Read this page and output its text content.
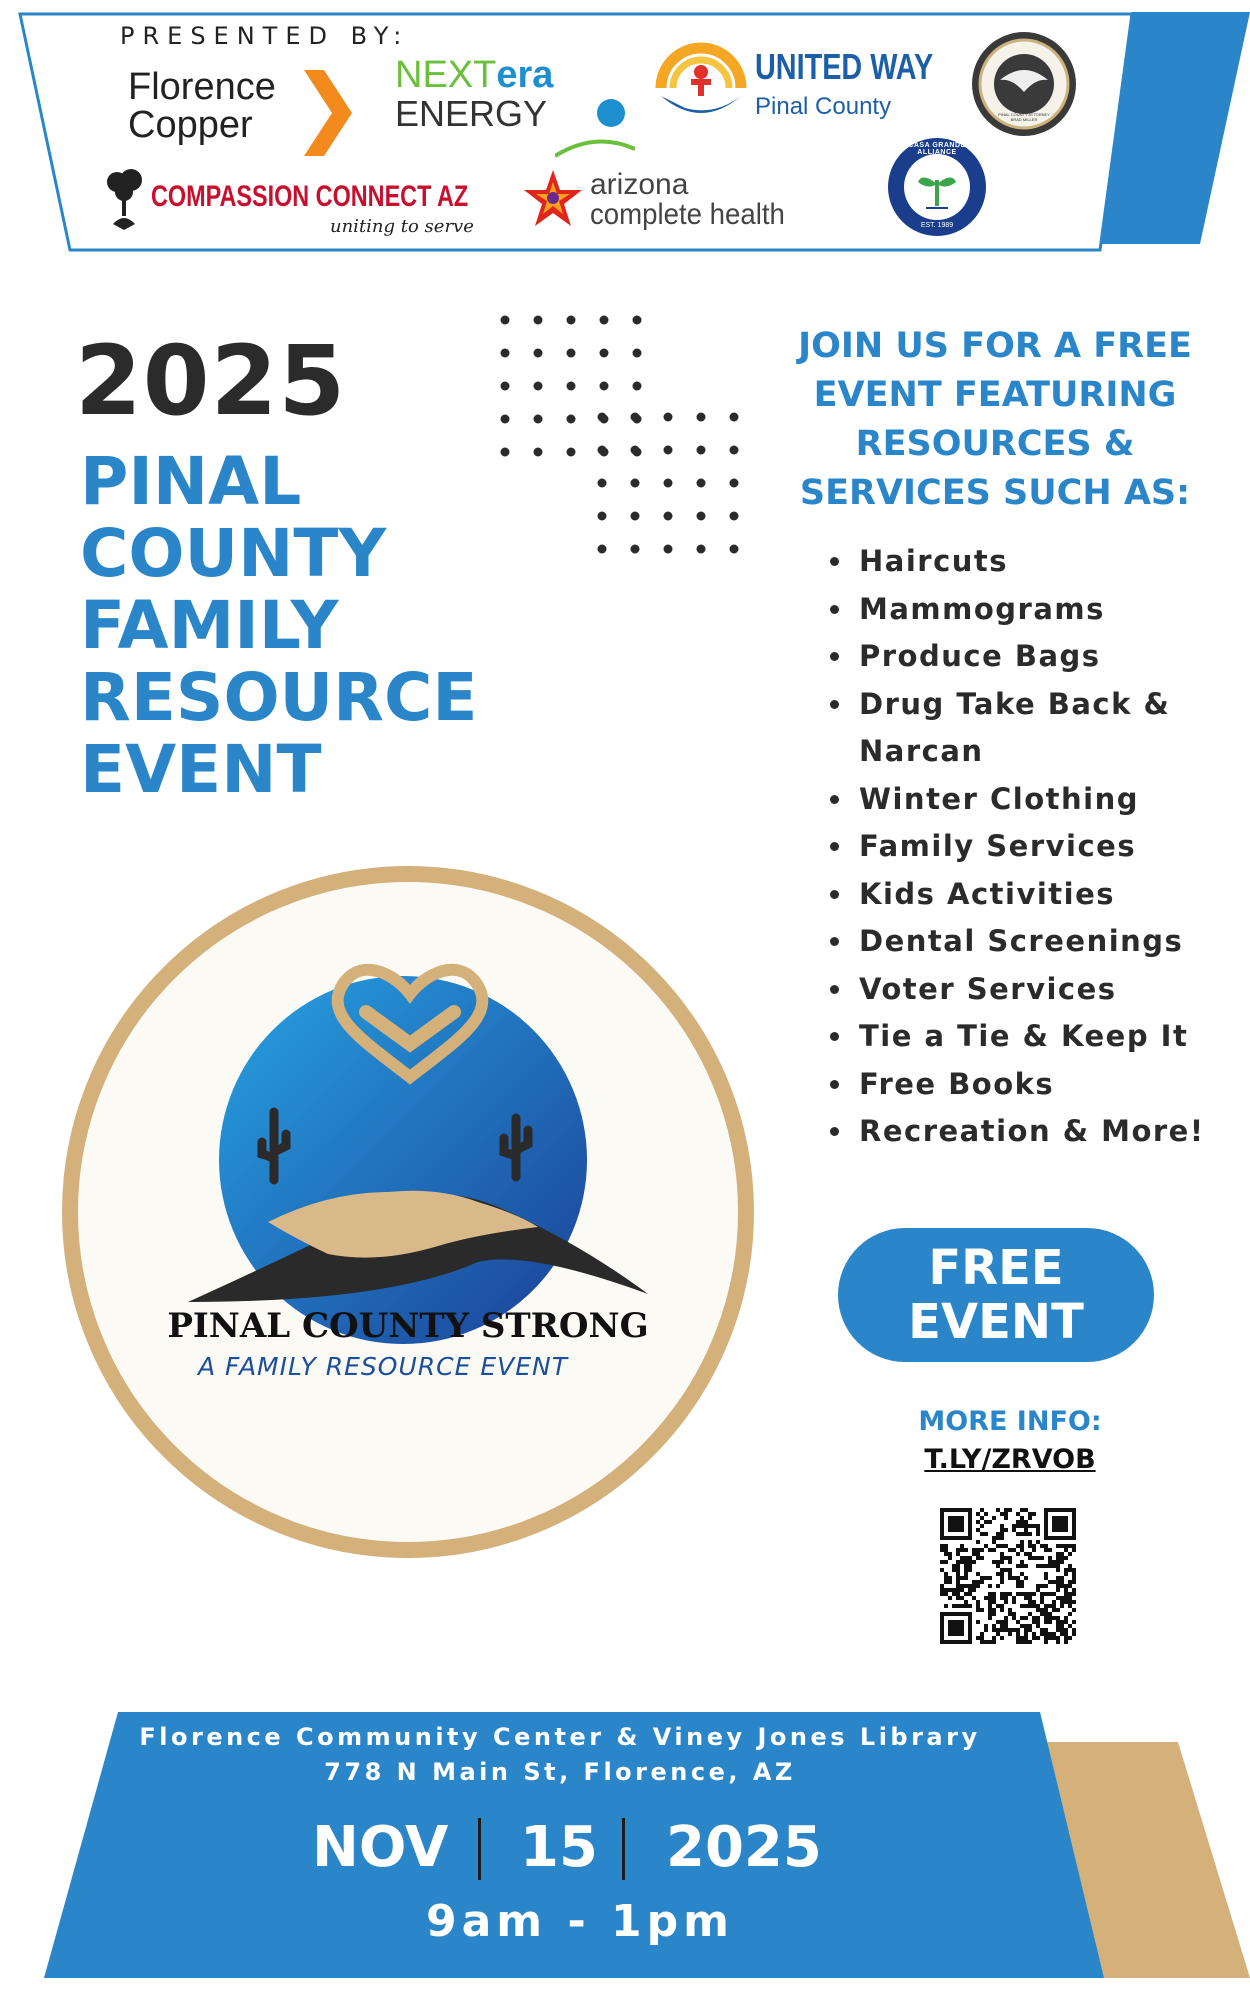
PRESENTED BY:
Florence
Copper
NEXTera
ENERGY
UNITED WAY
Pinal County	PINAL COUNTY ATTORNEY BRAD MILLER
COMPASSION CONNECT AZ
uniting to serve
arizona
complete health
CASA GRANDE ALLIANCE
EST. 1989
2025
PINAL
COUNTY
FAMILY
RESOURCE
EVENT
PINAL COUNTY STRONG
A FAMILY RESOURCE EVENT
JOIN US FOR A FREE
EVENT FEATURING
RESOURCES &
SERVICES SUCH AS:
• Haircuts
• Mammograms
• Produce Bags
• Drug Take Back & Narcan
• Winter Clothing
• Family Services
• Kids Activities
• Dental Screenings
• Voter Services
• Tie a Tie & Keep It
• Free Books
• Recreation & More!
FREE
EVENT
MORE INFO:
T.LY/ZRVOB
Florence Community Center & Viney Jones Library
778 N Main St, Florence, AZ
NOV 15 2025
9am - 1pm
